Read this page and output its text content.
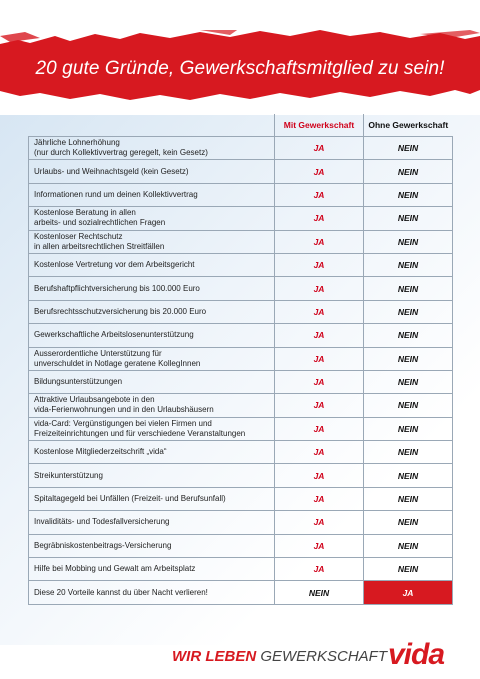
20 gute Gründe, Gewerkschaftsmitglied zu sein!
	Mit Gewerkschaft	Ohne Gewerkschaft
Jährliche Lohnerhöhung
(nur durch Kollektivvertrag geregelt, kein Gesetz)	JA	NEIN
Urlaubs- und Weihnachtsgeld (kein Gesetz)	JA	NEIN
Informationen rund um deinen Kollektivvertrag	JA	NEIN
Kostenlose Beratung in allen
arbeits- und sozialrechtlichen Fragen	JA	NEIN
Kostenloser Rechtschutz
in allen arbeitsrechtlichen Streitfällen	JA	NEIN
Kostenlose Vertretung vor dem Arbeitsgericht	JA	NEIN
Berufshaftpflichtversicherung bis 100.000 Euro	JA	NEIN
Berufsrechtsschutzversicherung bis 20.000 Euro	JA	NEIN
Gewerkschaftliche Arbeitslosenunterstützung	JA	NEIN
Ausserordentliche Unterstützung für
unverschuldet in Notlage geratene KollegInnen	JA	NEIN
Bildungsunterstützungen	JA	NEIN
Attraktive Urlaubsangebote in den
vida-Ferienwohnungen und in den Urlaubshäusern	JA	NEIN
vida-Card: Vergünstigungen bei vielen Firmen und
Freizeiteinrichtungen und für verschiedene Veranstaltungen	JA	NEIN
Kostenlose Mitgliederzeitschrift „vida“	JA	NEIN
Streikunterstützung	JA	NEIN
Spitaltagegeld bei Unfällen (Freizeit- und Berufsunfall)	JA	NEIN
Invaliditäts- und Todesfallversicherung	JA	NEIN
Begräbniskostenbeitrags-Versicherung	JA	NEIN
Hilfe bei Mobbing und Gewalt am Arbeitsplatz	JA	NEIN
Diese 20 Vorteile kannst du über Nacht verlieren!	NEIN	JA
WIR LEBEN GEWERKSCHAFT vida
